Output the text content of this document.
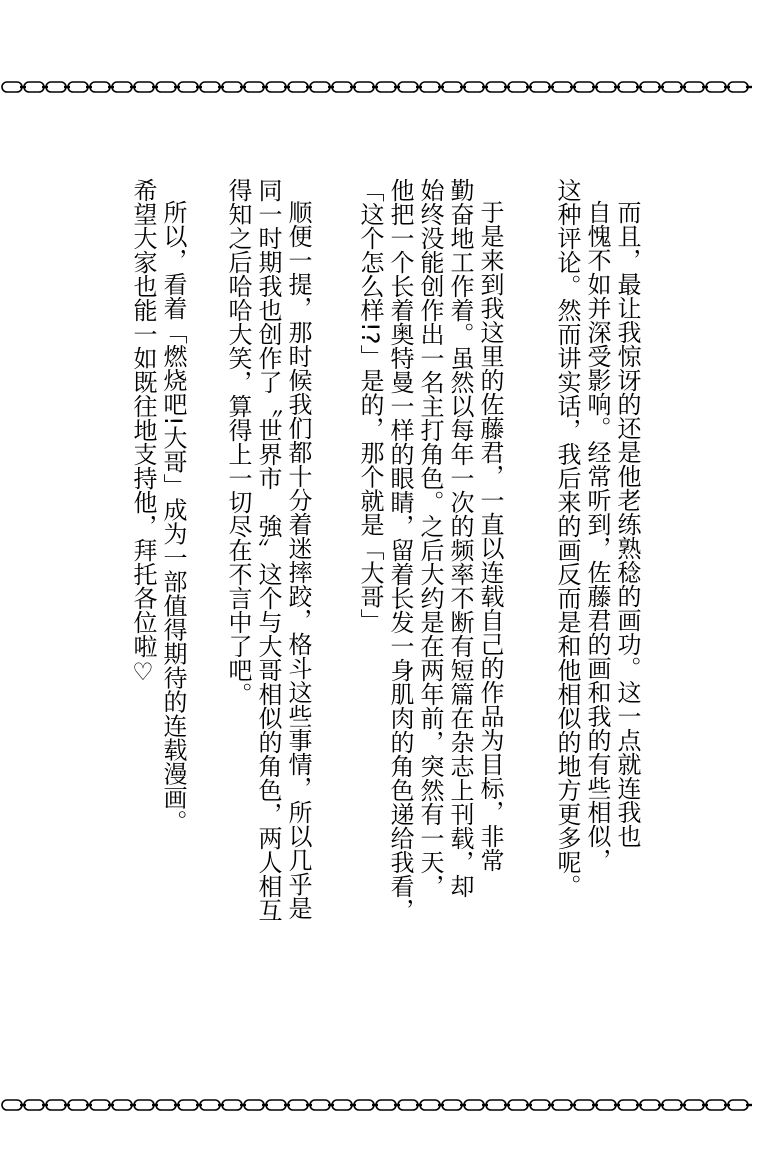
而且，最让我惊讶的还是他老练熟稔的画功。这一点就连我也

自愧不如并深受影响。经常听到，佐藤君的画和我的有些相似，

这种评论。然而讲实话，我后来的画反而是和他相似的地方更多呢。

于是来到我这里的佐藤君，一直以连载自己的作品为目标，非常

勤奋地工作着。虽然以每年一次的频率不断有短篇在杂志上刊载，却

始终没能创作出一名主打角色。之后大约是在两年前，突然有一天，

他把一个长着奥特曼一样的眼睛，留着长发一身肌肉的角色递给我看，

「这个怎么样!?」是的，那个就是「大哥」

顺便一提，那时候我们都十分着迷摔跤，格斗这些事情，所以几乎是

同一时期我也创作了〝世界市　強〞这个与大哥相似的角色，两人相互

得知之后哈哈大笑，算得上一切尽在不言中了吧。

所以，看着「燃烧吧!大哥」成为一部值得期待的连载漫画。

希望大家也能一如既往地支持他，拜托各位啦♡
